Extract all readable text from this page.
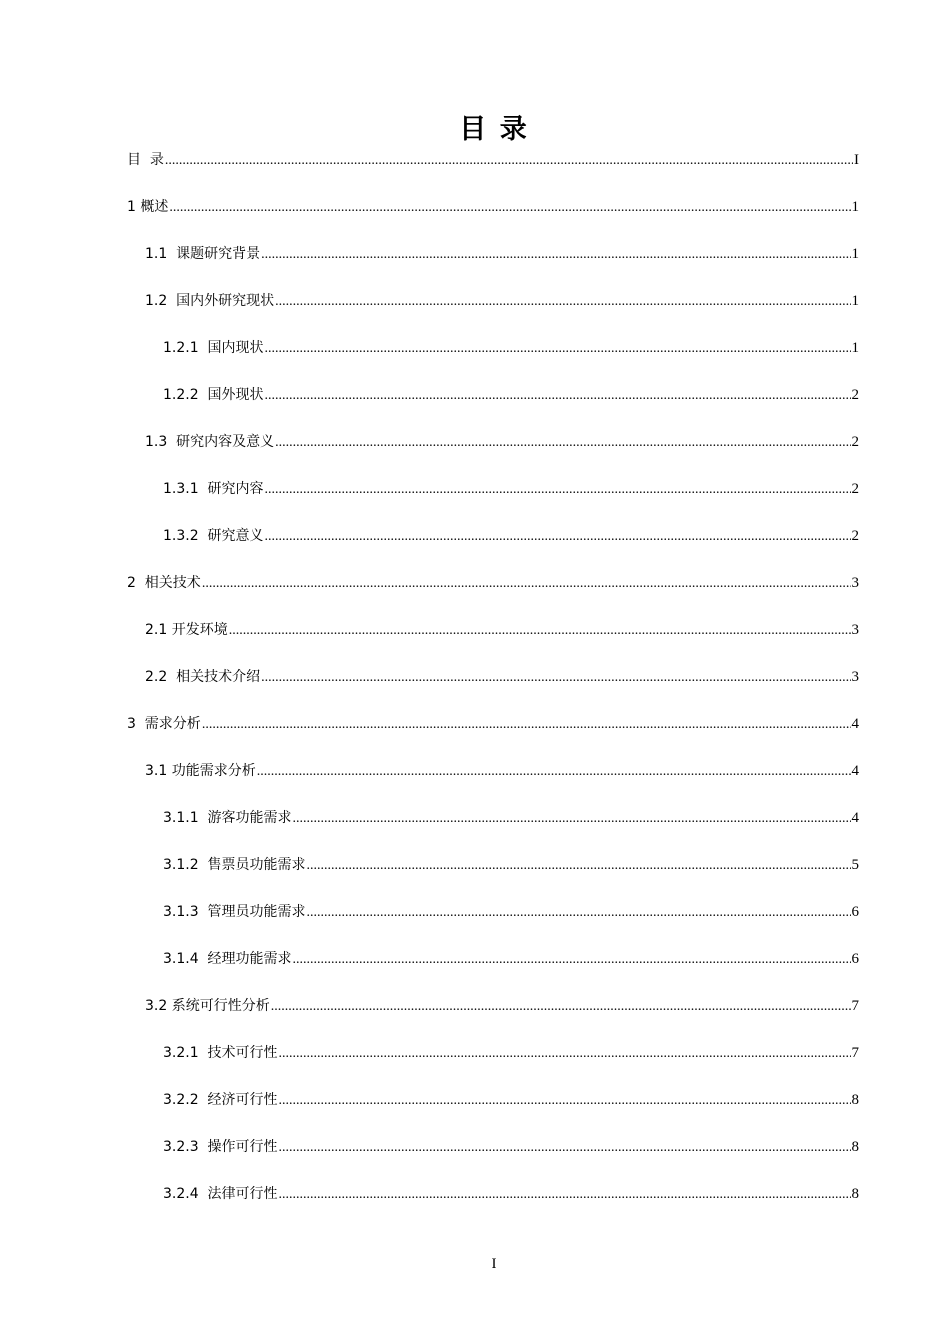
目 录
目  录 .....	I
1 概述 .....	1
1.1  课题研究背景 .....	1
1.2  国内外研究现状 .....	1
1.2.1  国内现状 .....	1
1.2.2  国外现状 .....	2
1.3  研究内容及意义 .....	2
1.3.1  研究内容 .....	2
1.3.2  研究意义 .....	2
2  相关技术 .....	3
2.1 开发环境 .....	3
2.2  相关技术介绍 .....	3
3  需求分析 .....	4
3.1 功能需求分析 .....	4
3.1.1  游客功能需求 .....	4
3.1.2  售票员功能需求 .....	5
3.1.3  管理员功能需求 .....	6
3.1.4  经理功能需求 .....	6
3.2 系统可行性分析 .....	7
3.2.1  技术可行性 .....	7
3.2.2  经济可行性 .....	8
3.2.3  操作可行性 .....	8
3.2.4  法律可行性 .....	8
I
